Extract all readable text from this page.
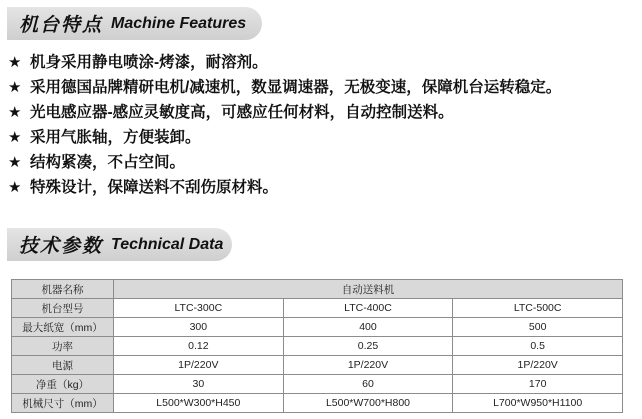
机台特点 Machine Features
★ 机身采用静电喷涂-烤漆，耐溶剂。
★ 采用德国品牌精研电机/减速机，数显调速器，无极变速，保障机台运转稳定。
★ 光电感应器-感应灵敏度高，可感应任何材料，自动控制送料。
★ 采用气胀轴，方便装卸。
★ 结构紧凑，不占空间。
★ 特殊设计，保障送料不刮伤原材料。
技术参数 Technical Data
机器名称	自动送料机		
机台型号	LTC-300C	LTC-400C	LTC-500C
最大纸宽（mm）	300	400	500
功率	0.12	0.25	0.5
电源	1P/220V	1P/220V	1P/220V
净重（kg）	30	60	170
机械尺寸（mm）	L500*W300*H450	L500*W700*H800	L700*W950*H1100
